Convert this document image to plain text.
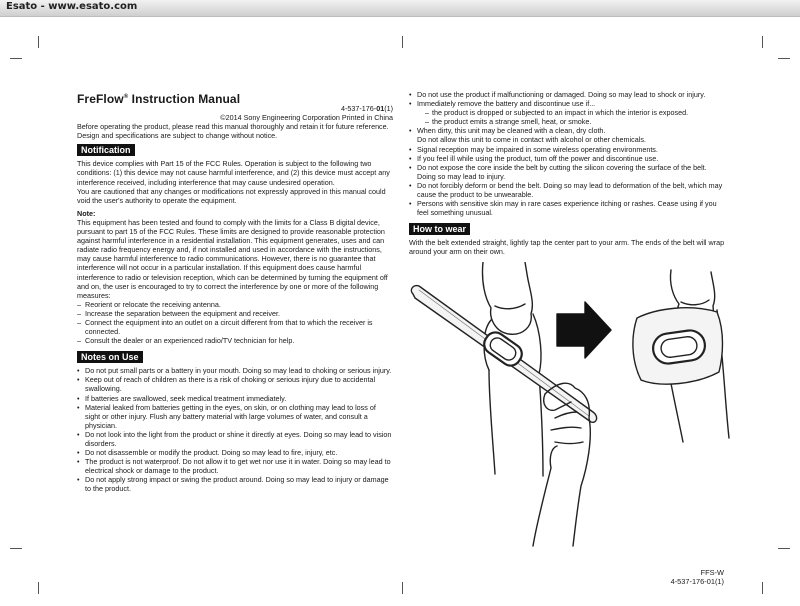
Esato - www.esato.com
FreFlow® Instruction Manual

4-537-176-01(1)

©2014 Sony Engineering Corporation Printed in China

Before operating the product, please read this manual thoroughly and retain it for future reference.

Design and specifications are subject to change without notice.

Notification

This device complies with Part 15 of the FCC Rules. Operation is subject to the following two conditions: (1) this device may not cause harmful interference, and (2) this device must accept any interference received, including interference that may cause undesired operation.

You are cautioned that any changes or modifications not expressly approved in this manual could void the user's authority to operate the equipment.

Note:

This equipment has been tested and found to comply with the limits for a Class B digital device, pursuant to part 15 of the FCC Rules. These limits are designed to provide reasonable protection against harmful interference in a residential installation. This equipment generates, uses and can radiate radio frequency energy and, if not installed and used in accordance with the instructions, may cause harmful interference to radio communications. However, there is no guarantee that interference will not occur in a particular installation. If this equipment does cause harmful interference to radio or television reception, which can be determined by turning the equipment off and on, the user is encouraged to try to correct the interference by one or more of the following measures:

– Reorient or relocate the receiving antenna.
– Increase the separation between the equipment and receiver.
– Connect the equipment into an outlet on a circuit different from that to which the receiver is connected.
– Consult the dealer or an experienced radio/TV technician for help.
Notes on Use
• Do not put small parts or a battery in your mouth. Doing so may lead to choking or serious injury.
• Keep out of reach of children as there is a risk of choking or serious injury due to accidental swallowing.
• If batteries are swallowed, seek medical treatment immediately.
• Material leaked from batteries getting in the eyes, on skin, or on clothing may lead to loss of sight or other injury. Flush any battery material with large volumes of water, and consult a physician.
• Do not look into the light from the product or shine it directly at eyes. Doing so may lead to vision disorders.
• Do not disassemble or modify the product. Doing so may lead to fire, injury, etc.
• The product is not waterproof. Do not allow it to get wet nor use it in water. Doing so may lead to electrical shock or damage to the product.
• Do not apply strong impact or swing the product around. Doing so may lead to injury or damage to the product.
• Do not use the product if malfunctioning or damaged. Doing so may lead to shock or injury.
• Immediately remove the battery and discontinue use if...
– the product is dropped or subjected to an impact in which the interior is exposed.
– the product emits a strange smell, heat, or smoke.
• When dirty, this unit may be cleaned with a clean, dry cloth.
Do not allow this unit to come in contact with alcohol or other chemicals.
• Signal reception may be impaired in some wireless operating environments.
• If you feel ill while using the product, turn off the power and discontinue use.
• Do not expose the core inside the belt by cutting the silicon covering the surface of the belt. Doing so may lead to injury.
• Do not forcibly deform or bend the belt. Doing so may lead to deformation of the belt, which may cause the product to be unwearable.
• Persons with sensitive skin may in rare cases experience itching or rashes. Cease using if you feel something unusual.
How to wear

With the belt extended straight, lightly tap the center part to your arm. The ends of the belt will wrap around your arm on their own.

FFS-W
4-537-176-01(1)
